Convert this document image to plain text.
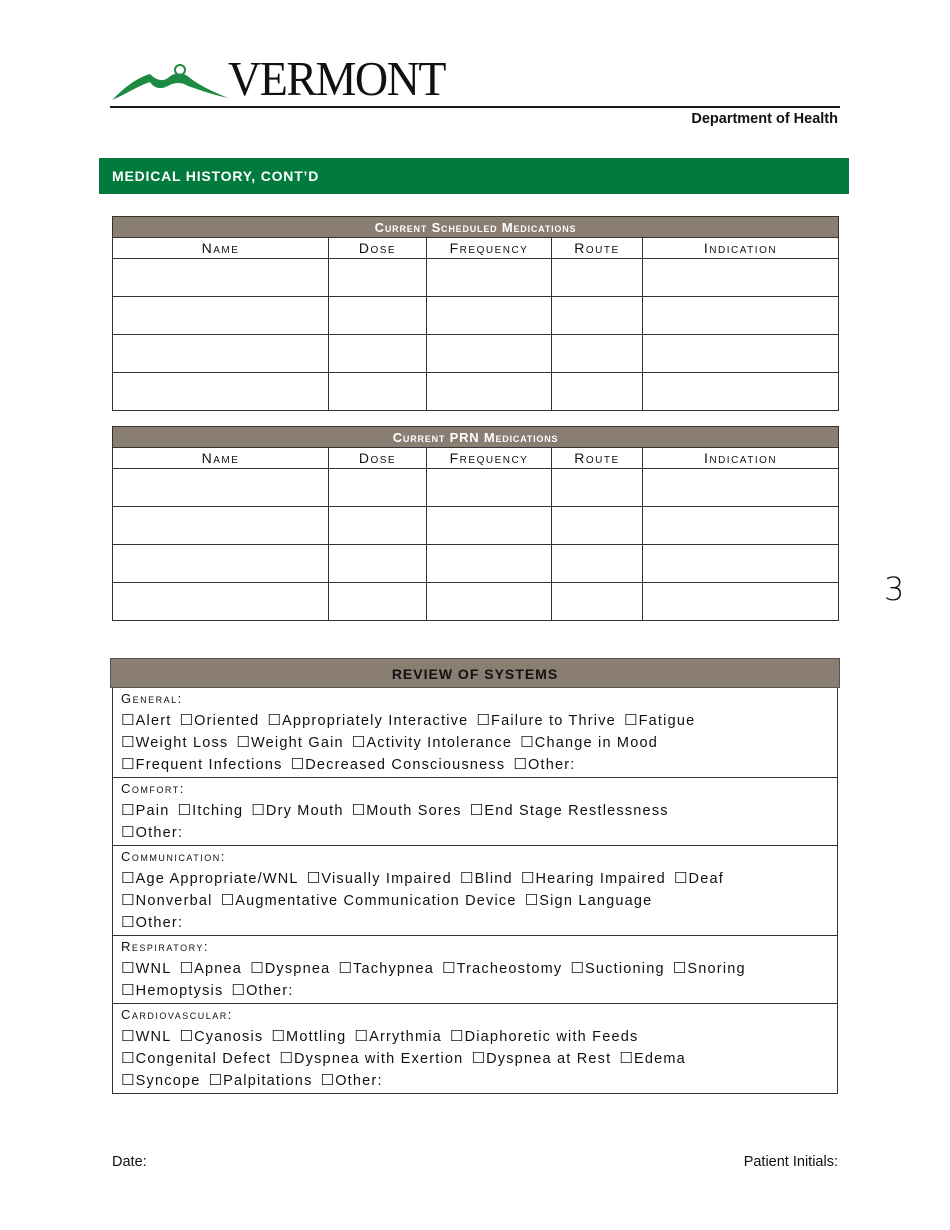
VERMONT
Department of Health
MEDICAL HISTORY, CONT’D
Current Scheduled Medications				
Name	Dose	Frequency	Route	Indication

Current PRN Medications				
Name	Dose	Frequency	Route	Indication

3
REVIEW OF SYSTEMS
General:
☐Alert ☐Oriented ☐Appropriately Interactive ☐Failure to Thrive ☐Fatigue
☐Weight Loss ☐Weight Gain ☐Activity Intolerance ☐Change in Mood
☐Frequent Infections ☐Decreased Consciousness ☐Other:
Comfort:
☐Pain ☐Itching ☐Dry Mouth ☐Mouth Sores ☐End Stage Restlessness
☐Other:
Communication:
☐Age Appropriate/WNL ☐Visually Impaired ☐Blind ☐Hearing Impaired ☐Deaf
☐Nonverbal ☐Augmentative Communication Device ☐Sign Language
☐Other:
Respiratory:
☐WNL ☐Apnea ☐Dyspnea ☐Tachypnea ☐Tracheostomy ☐Suctioning ☐Snoring
☐Hemoptysis ☐Other:
Cardiovascular:
☐WNL ☐Cyanosis ☐Mottling ☐Arrythmia ☐Diaphoretic with Feeds
☐Congenital Defect ☐Dyspnea with Exertion ☐Dyspnea at Rest ☐Edema
☐Syncope ☐Palpitations ☐Other:
Date:	Patient Initials:
